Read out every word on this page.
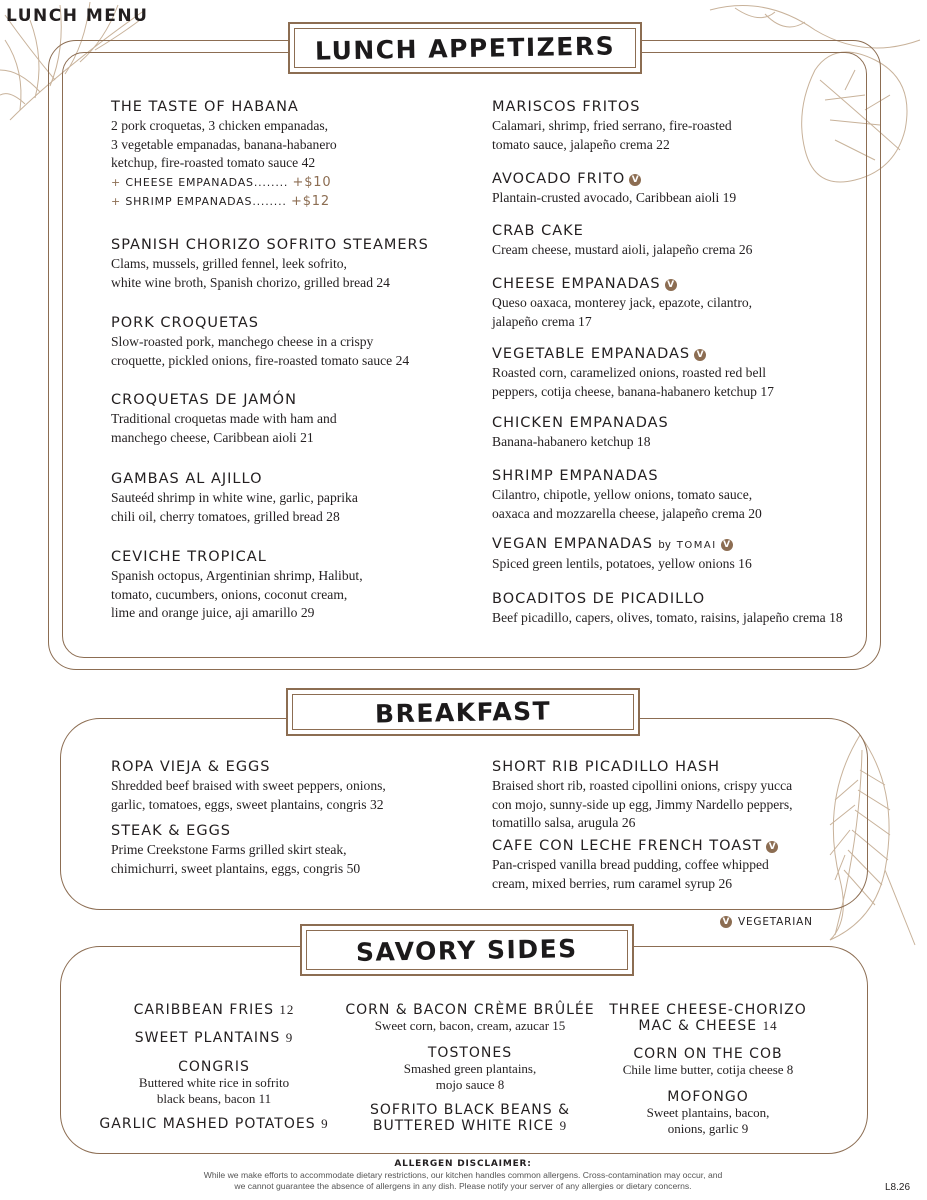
LUNCH MENU
LUNCH APPETIZERS
THE TASTE OF HABANA
2 pork croquetas, 3 chicken empanadas,
3 vegetable empanadas, banana-habanero
ketchup, fire-roasted tomato sauce 42
+ CHEESE EMPANADAS........ +$10
+ SHRIMP EMPANADAS........ +$12
SPANISH CHORIZO SOFRITO STEAMERS
Clams, mussels, grilled fennel, leek sofrito,
white wine broth, Spanish chorizo, grilled bread 24
PORK CROQUETAS
Slow-roasted pork, manchego cheese in a crispy
croquette, pickled onions, fire-roasted tomato sauce 24
CROQUETAS DE JAMÓN
Traditional croquetas made with ham and
manchego cheese, Caribbean aioli 21
GAMBAS AL AJILLO
Sauteéd shrimp in white wine, garlic, paprika
chili oil, cherry tomatoes, grilled bread 28
CEVICHE TROPICAL
Spanish octopus, Argentinian shrimp, Halibut,
tomato, cucumbers, onions, coconut cream,
lime and orange juice, aji amarillo 29
MARISCOS FRITOS
Calamari, shrimp, fried serrano, fire-roasted
tomato sauce, jalapeño crema 22
AVOCADO FRITO V
Plantain-crusted avocado, Caribbean aioli 19
CRAB CAKE
Cream cheese, mustard aioli, jalapeño crema 26
CHEESE EMPANADAS V
Queso oaxaca, monterey jack, epazote, cilantro,
jalapeño crema 17
VEGETABLE EMPANADAS V
Roasted corn, caramelized onions, roasted red bell
peppers, cotija cheese, banana-habanero ketchup 17
CHICKEN EMPANADAS
Banana-habanero ketchup 18
SHRIMP EMPANADAS
Cilantro, chipotle, yellow onions, tomato sauce,
oaxaca and mozzarella cheese, jalapeño crema 20
VEGAN EMPANADAS by TOMAI V
Spiced green lentils, potatoes, yellow onions 16
BOCADITOS DE PICADILLO
Beef picadillo, capers, olives, tomato, raisins, jalapeño crema 18
BREAKFAST
ROPA VIEJA & EGGS
Shredded beef braised with sweet peppers, onions,
garlic, tomatoes, eggs, sweet plantains, congris 32
STEAK & EGGS
Prime Creekstone Farms grilled skirt steak,
chimichurri, sweet plantains, eggs, congris 50
SHORT RIB PICADILLO HASH
Braised short rib, roasted cipollini onions, crispy yucca
con mojo, sunny-side up egg, Jimmy Nardello peppers,
tomatillo salsa, arugula 26
CAFE CON LECHE FRENCH TOAST V
Pan-crisped vanilla bread pudding, coffee whipped
cream, mixed berries, rum caramel syrup 26
V VEGETARIAN
SAVORY SIDES
CARIBBEAN FRIES 12
SWEET PLANTAINS 9
CONGRIS
Buttered white rice in sofrito
black beans, bacon 11
GARLIC MASHED POTATOES 9
CORN & BACON CRÈME BRÛLÉE
Sweet corn, bacon, cream, azucar 15
TOSTONES
Smashed green plantains,
mojo sauce 8
SOFRITO BLACK BEANS &
BUTTERED WHITE RICE 9
THREE CHEESE-CHORIZO
MAC & CHEESE 14
CORN ON THE COB
Chile lime butter, cotija cheese 8
MOFONGO
Sweet plantains, bacon,
onions, garlic 9
ALLERGEN DISCLAIMER:
While we make efforts to accommodate dietary restrictions, our kitchen handles common allergens. Cross-contamination may occur, and
we cannot guarantee the absence of allergens in any dish. Please notify your server of any allergies or dietary concerns.	L8.26
